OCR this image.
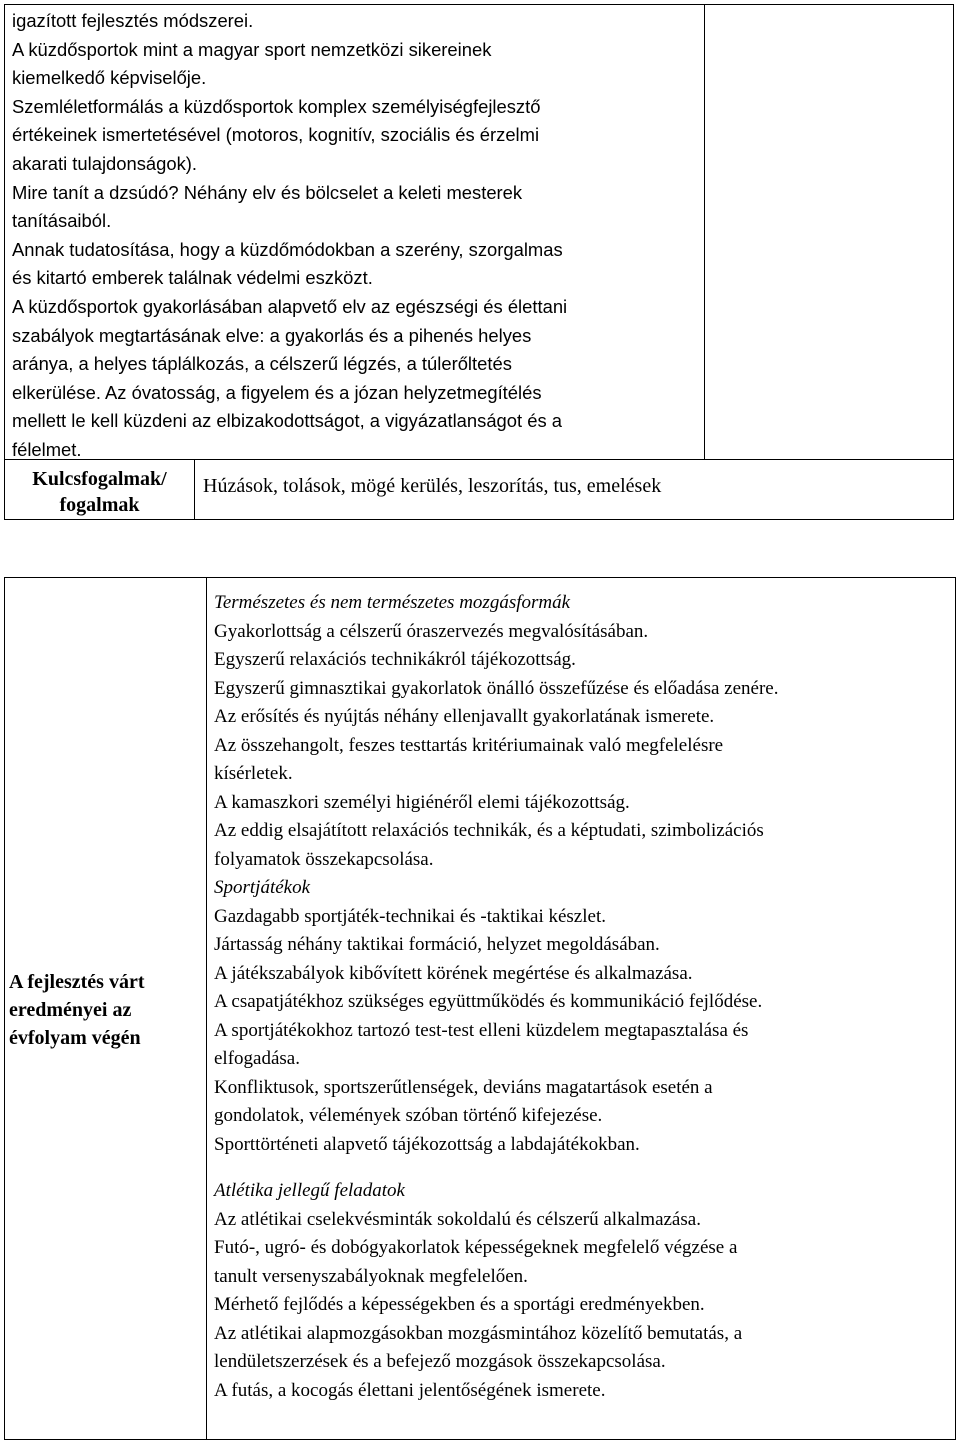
igazított fejlesztés módszerei.

A küzdősportok mint a magyar sport nemzetközi sikereinek

kiemelkedő képviselője.

Szemléletformálás a küzdősportok komplex személyiségfejlesztő

értékeinek ismertetésével (motoros, kognitív, szociális és érzelmi

akarati tulajdonságok).

Mire tanít a dzsúdó? Néhány elv és bölcselet a keleti mesterek

tanításaiból.

Annak tudatosítása, hogy a küzdőmódokban a szerény, szorgalmas

és kitartó emberek találnak védelmi eszközt.

A küzdősportok gyakorlásában alapvető elv az egészségi és élettani

szabályok megtartásának elve: a gyakorlás és a pihenés helyes

aránya, a helyes táplálkozás, a célszerű légzés, a túlerőltetés

elkerülése. Az óvatosság, a figyelem és a józan helyzetmegítélés

mellett le kell küzdeni az elbizakodottságot, a vigyázatlanságot és a

félelmet.

Kulcsfogalmak/
fogalmak
Húzások, tolások, mögé kerülés, leszorítás, tus, emelések
A fejlesztés várt eredményei az évfolyam végén

Természetes és nem természetes mozgásformák

Gyakorlottság a célszerű óraszervezés megvalósításában.

Egyszerű relaxációs technikákról tájékozottság.

Egyszerű gimnasztikai gyakorlatok önálló összefűzése és előadása zenére.

Az erősítés és nyújtás néhány ellenjavallt gyakorlatának ismerete.

Az összehangolt, feszes testtartás kritériumainak való megfelelésre

kísérletek.

A kamaszkori személyi higiénéről elemi tájékozottság.

Az eddig elsajátított relaxációs technikák, és a képtudati, szimbolizációs

folyamatok összekapcsolása.

Sportjátékok

Gazdagabb sportjáték-technikai és -taktikai készlet.

Jártasság néhány taktikai formáció, helyzet megoldásában.

A játékszabályok kibővített körének megértése és alkalmazása.

A csapatjátékhoz szükséges együttműködés és kommunikáció fejlődése.

A sportjátékokhoz tartozó test-test elleni küzdelem megtapasztalása és

elfogadása.

Konfliktusok, sportszerűtlenségek, deviáns magatartások esetén a

gondolatok, vélemények szóban történő kifejezése.

Sporttörténeti alapvető tájékozottság a labdajátékokban.

Atlétika jellegű feladatok

Az atlétikai cselekvésminták sokoldalú és célszerű alkalmazása.

Futó-, ugró- és dobógyakorlatok képességeknek megfelelő végzése a

tanult versenyszabályoknak megfelelően.

Mérhető fejlődés a képességekben és a sportági eredményekben.

Az atlétikai alapmozgásokban mozgásmintához közelítő bemutatás, a

lendületszerzések és a befejező mozgások összekapcsolása.

A futás, a kocogás élettani jelentőségének ismerete.
